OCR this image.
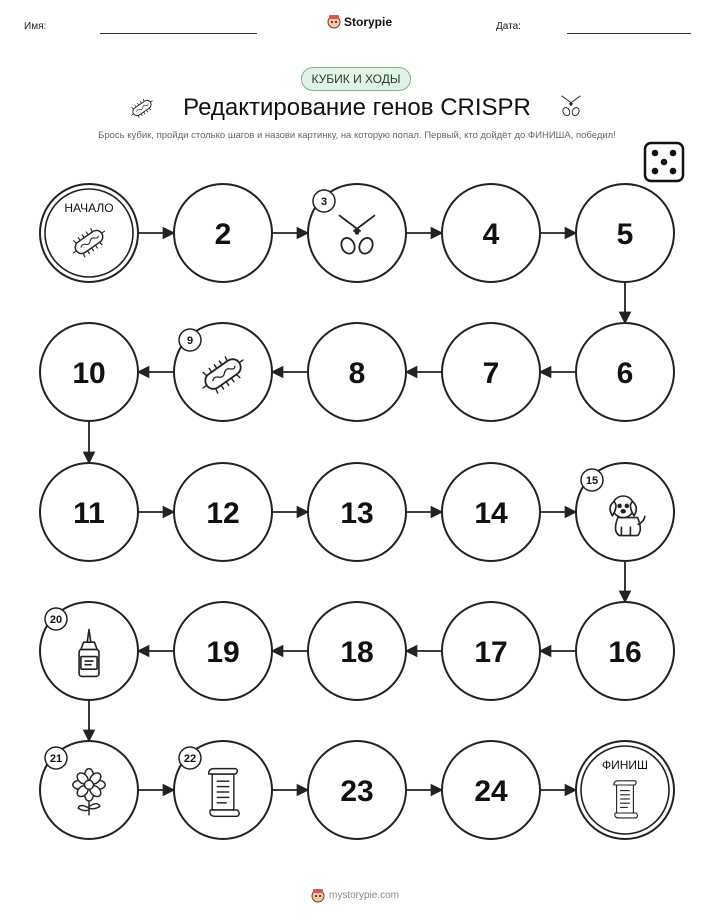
Имя:	Storypie	Дата:
КУБИК И ХОДЫ
Редактирование генов CRISPR
Брось кубик, пройди столько шагов и назови картинку, на которую попал. Первый, кто дойдёт до ФИНИША, победил!
НАЧАЛО
2
3
4	5
6
7
8
9
10
11	12	13	14
15
16
17
18
19
20
21	22
23	24
ФИНИШ
mystorypie.com
